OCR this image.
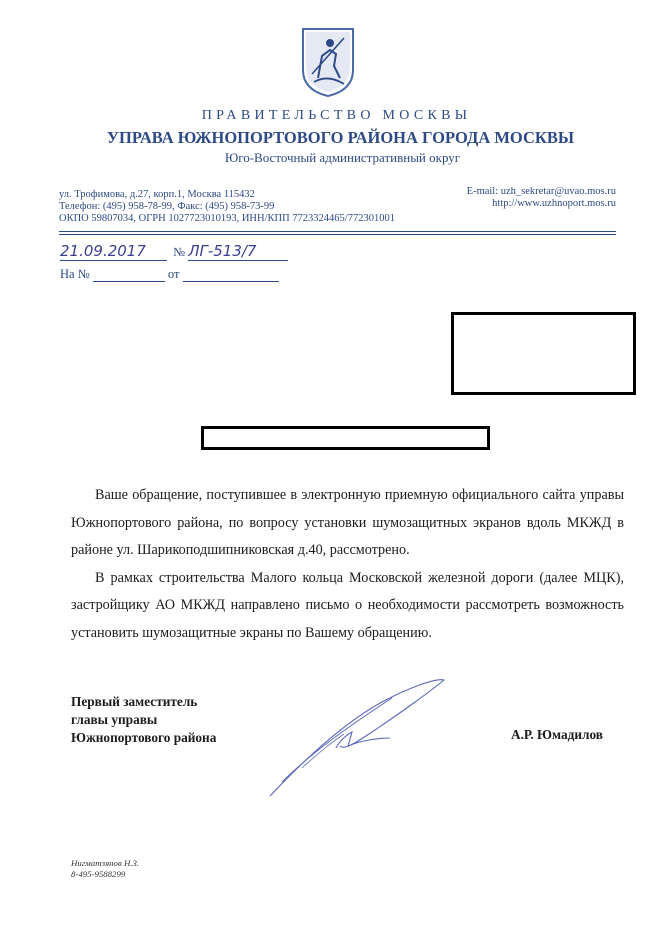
ПРАВИТЕЛЬСТВО МОСКВЫ
УПРАВА ЮЖНОПОРТОВОГО РАЙОНА ГОРОДА МОСКВЫ
Юго-Восточный административный округ
ул. Трофимова, д.27, корп.1, Москва 115432
Телефон: (495) 958-78-99, Факс: (495) 958-73-99
ОКПО 59807034, ОГРН 1027723010193, ИНН/КПП 7723324465/772301001
E-mail: uzh_sekretar@uvao.mos.ru
http://www.uzhnoport.mos.ru
21.09.2017 № ЛГ-513/7
На №	от

Ваше обращение, поступившее в электронную приемную официального сайта управы Южнопортового района, по вопросу установки шумозащитных экранов вдоль МКЖД в районе ул. Шарикоподшипниковская д.40, рассмотрено.

В рамках строительства Малого кольца Московской железной дороги (далее МЦК), застройщику АО МКЖД направлено письмо о необходимости рассмотреть возможность установить шумозащитные экраны по Вашему обращению.

Первый заместитель
главы управы
Южнопортового района	А.Р. Юмадилов
Нигматзянов Н.З.
8-495-9588299
